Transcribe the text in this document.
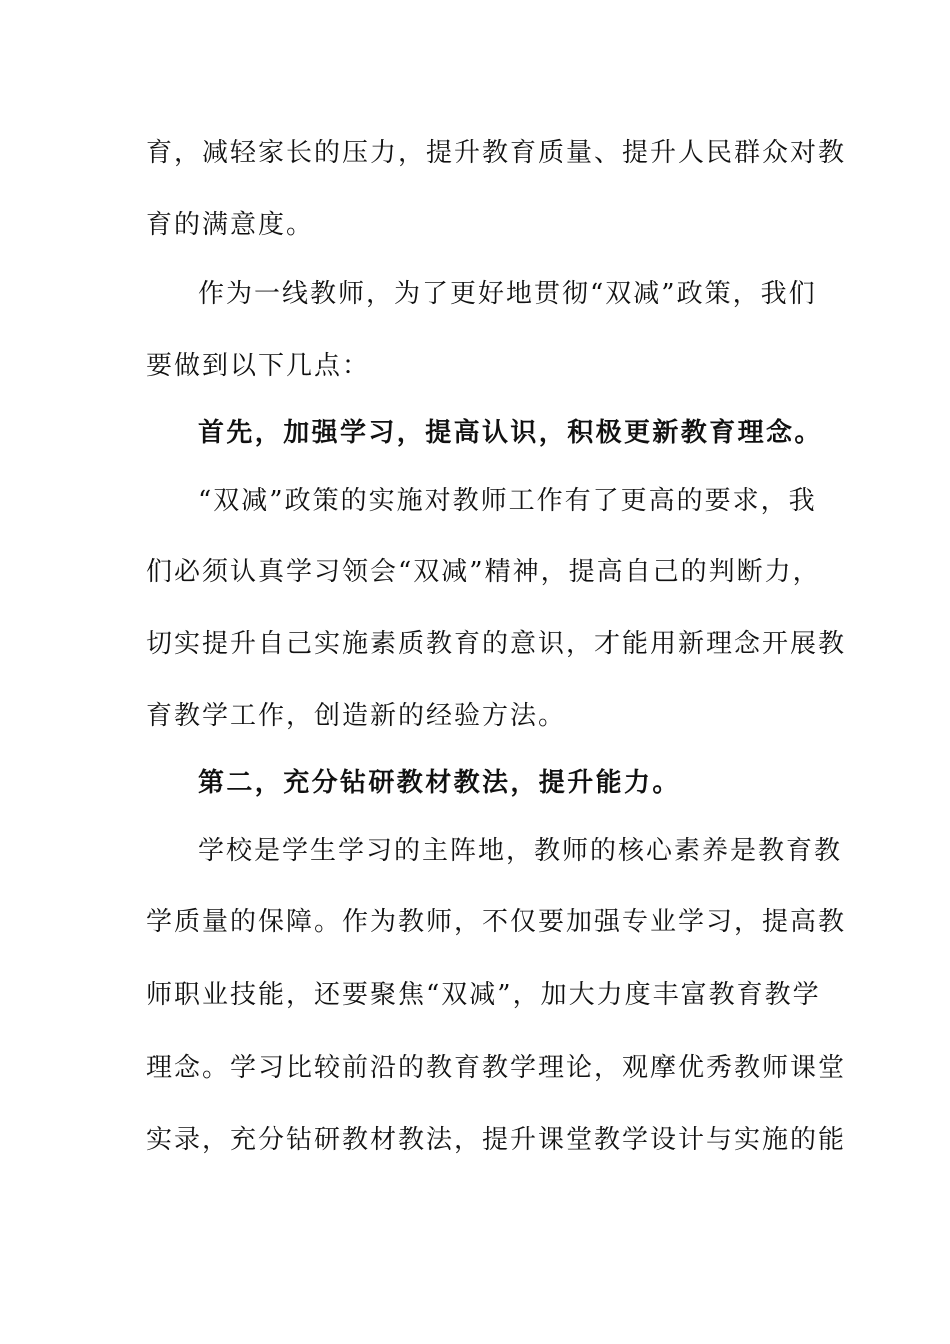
育，减轻家长的压力，提升教育质量、提升人民群众对教
育的满意度。
作为一线教师，为了更好地贯彻“双减”政策，我们
要做到以下几点：
首先，加强学习，提高认识，积极更新教育理念。
“双减”政策的实施对教师工作有了更高的要求，我
们必须认真学习领会“双减”精神，提高自己的判断力，
切实提升自己实施素质教育的意识，才能用新理念开展教
育教学工作，创造新的经验方法。
第二，充分钻研教材教法，提升能力。
学校是学生学习的主阵地，教师的核心素养是教育教
学质量的保障。作为教师，不仅要加强专业学习，提高教
师职业技能，还要聚焦“双减”，加大力度丰富教育教学
理念。学习比较前沿的教育教学理论，观摩优秀教师课堂
实录，充分钻研教材教法，提升课堂教学设计与实施的能
